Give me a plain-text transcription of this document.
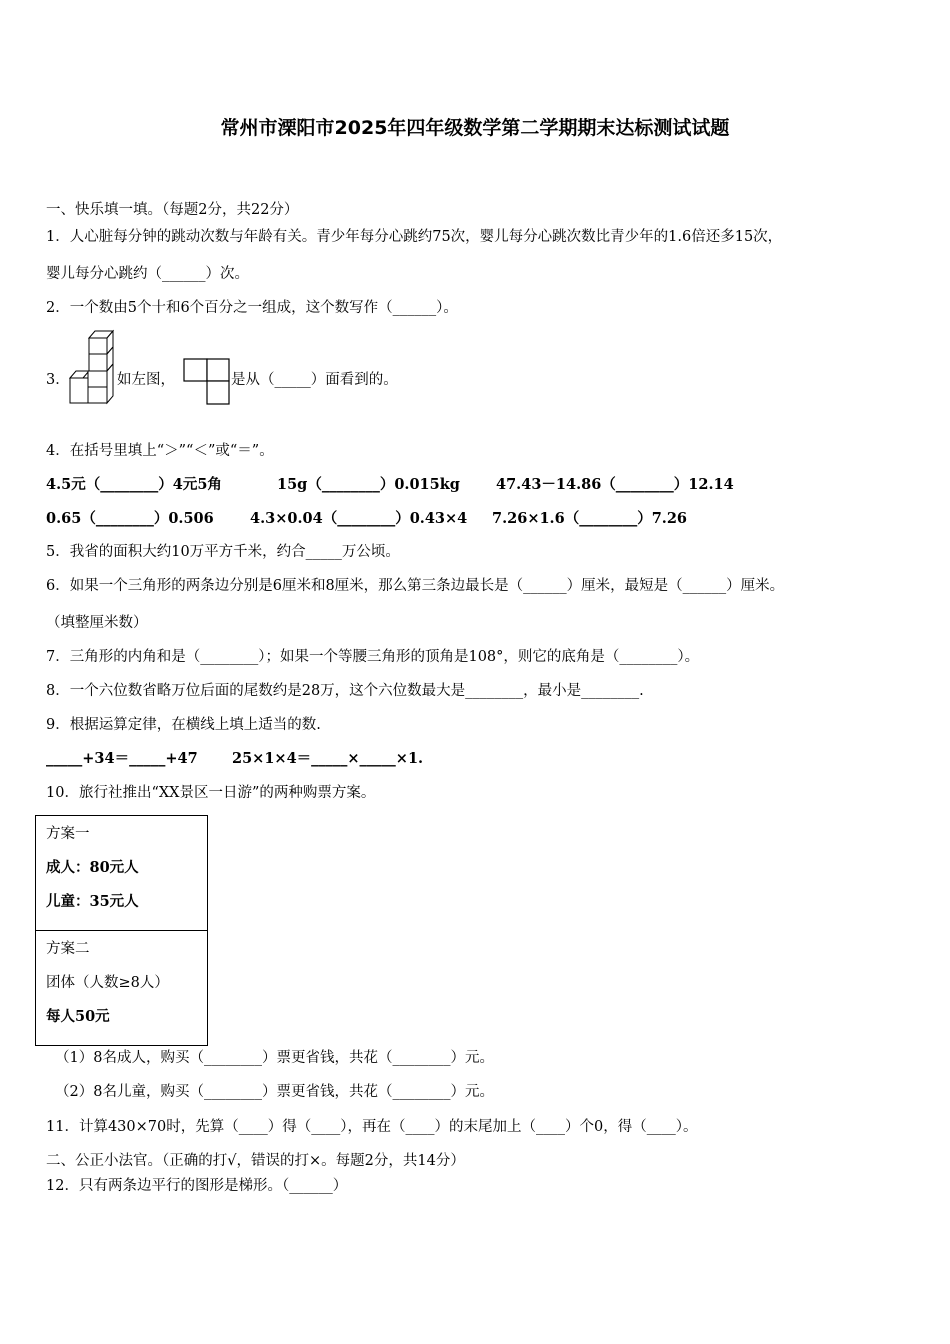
常州市溧阳市2025年四年级数学第二学期期末达标测试试题
一、快乐填一填。（每题2分，共22分）
1．人心脏每分钟的跳动次数与年龄有关。青少年每分心跳约75次，婴儿每分心跳次数比青少年的1.6倍还多15次，
婴儿每分心跳约（______）次。
2．一个数由5个十和6个百分之一组成，这个数写作（______）。
3．	如左图，	是从（_____）面看到的。
4．在括号里填上“＞”“＜”或“＝”。
4.5元（________）4元5角	15g（________）0.015kg 47.43－14.86（________）12.14
0.65（________）0.506	4.3×0.04（________）0.43×4 7.26×1.6（________）7.26
5．我省的面积大约10万平方千米，约合_____万公顷。
6．如果一个三角形的两条边分别是6厘米和8厘米，那么第三条边最长是（______）厘米，最短是（______）厘米。
（填整厘米数）
7．三角形的内角和是（________）；如果一个等腰三角形的顶角是108°，则它的底角是（________）。
8．一个六位数省略万位后面的尾数约是28万，这个六位数最大是________，最小是________.
9．根据运算定律，在横线上填上适当的数.
_____+34＝_____+47 25×1×4＝_____×_____×1.
10．旅行社推出“XX景区一日游”的两种购票方案。
方案一
成人：80元人
儿童：35元人
方案二
团体（人数≥8人）
每人50元
（1）8名成人，购买（________）票更省钱，共花（________）元。
（2）8名儿童，购买（________）票更省钱，共花（________）元。
11．计算430×70时，先算（____）得（____），再在（____）的末尾加上（____）个0，得（____）。
二、公正小法官。（正确的打√，错误的打×。每题2分，共14分）
12．只有两条边平行的图形是梯形。（______）
